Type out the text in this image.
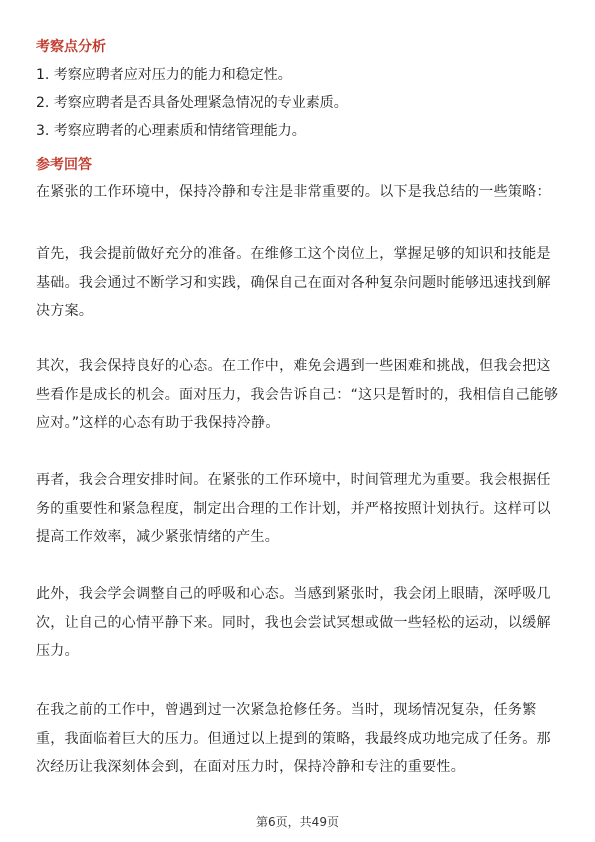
考察点分析
1. 考察应聘者应对压力的能力和稳定性。
2. 考察应聘者是否具备处理紧急情况的专业素质。
3. 考察应聘者的心理素质和情绪管理能力。
参考回答

在紧张的工作环境中，保持冷静和专注是非常重要的。以下是我总结的一些策略：

首先，我会提前做好充分的准备。在维修工这个岗位上，掌握足够的知识和技能是基础。我会通过不断学习和实践，确保自己在面对各种复杂问题时能够迅速找到解决方案。

其次，我会保持良好的心态。在工作中，难免会遇到一些困难和挑战，但我会把这些看作是成长的机会。面对压力，我会告诉自己：“这只是暂时的，我相信自己能够应对。”这样的心态有助于我保持冷静。

再者，我会合理安排时间。在紧张的工作环境中，时间管理尤为重要。我会根据任务的重要性和紧急程度，制定出合理的工作计划，并严格按照计划执行。这样可以提高工作效率，减少紧张情绪的产生。

此外，我会学会调整自己的呼吸和心态。当感到紧张时，我会闭上眼睛，深呼吸几次，让自己的心情平静下来。同时，我也会尝试冥想或做一些轻松的运动，以缓解压力。

在我之前的工作中，曾遇到过一次紧急抢修任务。当时，现场情况复杂，任务繁重，我面临着巨大的压力。但通过以上提到的策略，我最终成功地完成了任务。那次经历让我深刻体会到，在面对压力时，保持冷静和专注的重要性。

第6页，共49页
